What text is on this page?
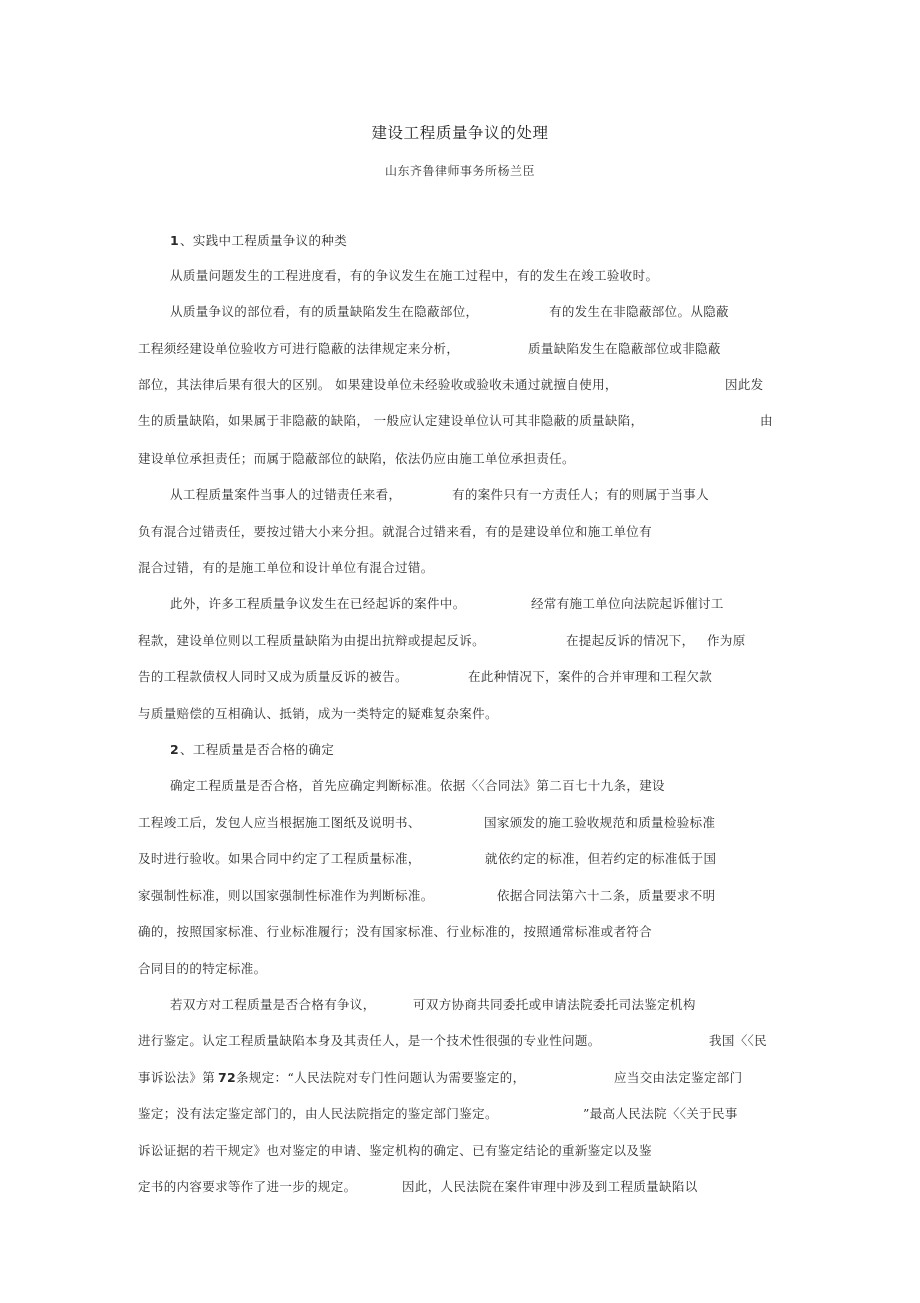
建设工程质量争议的处理
山东齐鲁律师事务所杨兰臣
1 、实践中工程质量争议的种类
从质量问题发生的工程进度看，有的争议发生在施工过程中，有的发生在竣工验收时。
从质量争议的部位看，有的质量缺陷发生在隐蔽部位，	有的发生在非隐蔽部位。从隐蔽
工程须经建设单位验收方可进行隐蔽的法律规定来分析，	质量缺陷发生在隐蔽部位或非隐蔽
部位，其法律后果有很大的区别。 如果建设单位未经验收或验收未通过就擅自使用，	因此发
生的质量缺陷，如果属于非隐蔽的缺陷， 一般应认定建设单位认可其非隐蔽的质量缺陷，	由
建设单位承担责任；而属于隐蔽部位的缺陷，依法仍应由施工单位承担责任。
从工程质量案件当事人的过错责任来看，	有的案件只有一方责任人；有的则属于当事人
负有混合过错责任，要按过错大小来分担。就混合过错来看，有的是建设单位和施工单位有
混合过错，有的是施工单位和设计单位有混合过错。
此外，许多工程质量争议发生在已经起诉的案件中。	经常有施工单位向法院起诉催讨工
程款，建设单位则以工程质量缺陷为由提出抗辩或提起反诉。	在提起反诉的情况下， 作为原
告的工程款债权人同时又成为质量反诉的被告。	在此种情况下，案件的合并审理和工程欠款
与质量赔偿的互相确认、抵销，成为一类特定的疑难复杂案件。
2 、工程质量是否合格的确定
确定工程质量是否合格，首先应确定判断标准。依据〈〈合同法》第二百七十九条，建设
工程竣工后，发包人应当根据施工图纸及说明书、	国家颁发的施工验收规范和质量检验标准
及时进行验收。如果合同中约定了工程质量标准，	就依约定的标准，但若约定的标准低于国
家强制性标准，则以国家强制性标准作为判断标准。	依据合同法第六十二条，质量要求不明
确的，按照国家标准、行业标准履行；没有国家标准、行业标准的，按照通常标准或者符合
合同目的的特定标准。
若双方对工程质量是否合格有争议，	可双方协商共同委托或申请法院委托司法鉴定机构
进行鉴定。认定工程质量缺陷本身及其责任人，是一个技术性很强的专业性问题。	我国〈〈民
事诉讼法》第 72 条规定：“人民法院对专门性问题认为需要鉴定的，	应当交由法定鉴定部门
鉴定；没有法定鉴定部门的，由人民法院指定的鉴定部门鉴定。	”最高人民法院〈〈关于民事
诉讼证据的若干规定》也对鉴定的申请、鉴定机构的确定、已有鉴定结论的重新鉴定以及鉴
定书的内容要求等作了进一步的规定。	因此，人民法院在案件审理中涉及到工程质量缺陷以
